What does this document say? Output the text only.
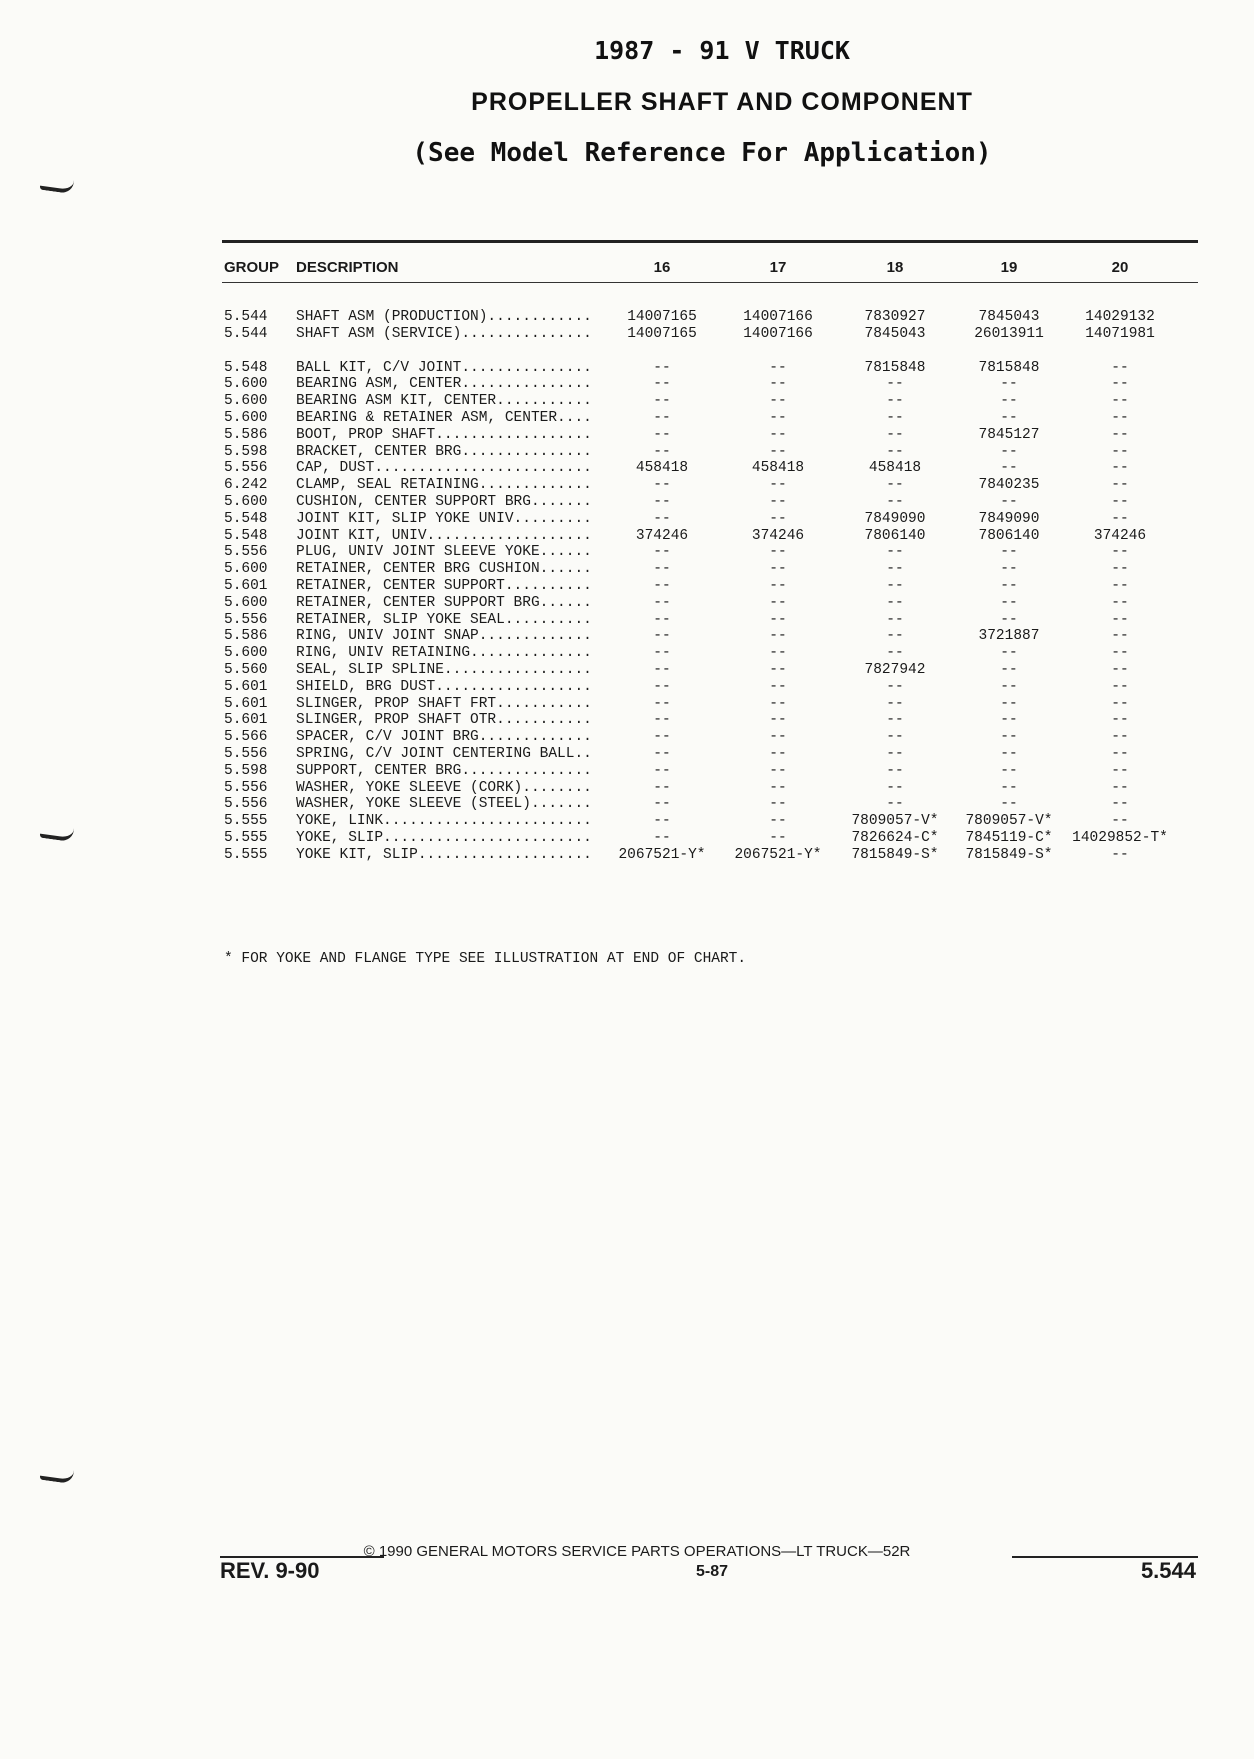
1987 - 91 V TRUCK
PROPELLER SHAFT AND COMPONENT
(See Model Reference For Application)
GROUP DESCRIPTION	16	17	18	19	20
5.544 SHAFT ASM (PRODUCTION)............	14007165	14007166	7830927	7845043	14029132
5.544 SHAFT ASM (SERVICE)...............	14007165	14007166	7845043	26013911	14071981
5.548 BALL KIT, C/V JOINT...............	--	--	7815848	7815848	--
5.600 BEARING ASM, CENTER...............	--	--	--	--	--
5.600 BEARING ASM KIT, CENTER...........	--	--	--	--	--
5.600 BEARING & RETAINER ASM, CENTER....	--	--	--	--	--
5.586 BOOT, PROP SHAFT..................	--	--	--	7845127	--
5.598 BRACKET, CENTER BRG...............	--	--	--	--	--
5.556 CAP, DUST.........................	458418	458418	458418	--	--
6.242 CLAMP, SEAL RETAINING.............	--	--	--	7840235	--
5.600 CUSHION, CENTER SUPPORT BRG.......	--	--	--	--	--
5.548 JOINT KIT, SLIP YOKE UNIV.........	--	--	7849090	7849090	--
5.548 JOINT KIT, UNIV...................	374246	374246	7806140	7806140	374246
5.556 PLUG, UNIV JOINT SLEEVE YOKE......	--	--	--	--	--
5.600 RETAINER, CENTER BRG CUSHION......	--	--	--	--	--
5.601 RETAINER, CENTER SUPPORT..........	--	--	--	--	--
5.600 RETAINER, CENTER SUPPORT BRG......	--	--	--	--	--
5.556 RETAINER, SLIP YOKE SEAL..........	--	--	--	--	--
5.586 RING, UNIV JOINT SNAP.............	--	--	--	3721887	--
5.600 RING, UNIV RETAINING..............	--	--	--	--	--
5.560 SEAL, SLIP SPLINE.................	--	--	7827942	--	--
5.601 SHIELD, BRG DUST..................	--	--	--	--	--
5.601 SLINGER, PROP SHAFT FRT...........	--	--	--	--	--
5.601 SLINGER, PROP SHAFT OTR...........	--	--	--	--	--
5.566 SPACER, C/V JOINT BRG.............	--	--	--	--	--
5.556 SPRING, C/V JOINT CENTERING BALL..	--	--	--	--	--
5.598 SUPPORT, CENTER BRG...............	--	--	--	--	--
5.556 WASHER, YOKE SLEEVE (CORK)........	--	--	--	--	--
5.556 WASHER, YOKE SLEEVE (STEEL).......	--	--	--	--	--
5.555 YOKE, LINK........................	--	--	7809057-V*	7809057-V*	--
5.555 YOKE, SLIP........................	--	--	7826624-C*	7845119-C*	14029852-T*
5.555 YOKE KIT, SLIP....................	2067521-Y*	2067521-Y*	7815849-S*	7815849-S*	--
* FOR YOKE AND FLANGE TYPE SEE ILLUSTRATION AT END OF CHART.
© 1990 GENERAL MOTORS SERVICE PARTS OPERATIONS—LT TRUCK—52R
REV. 9-90	5-87	5.544
